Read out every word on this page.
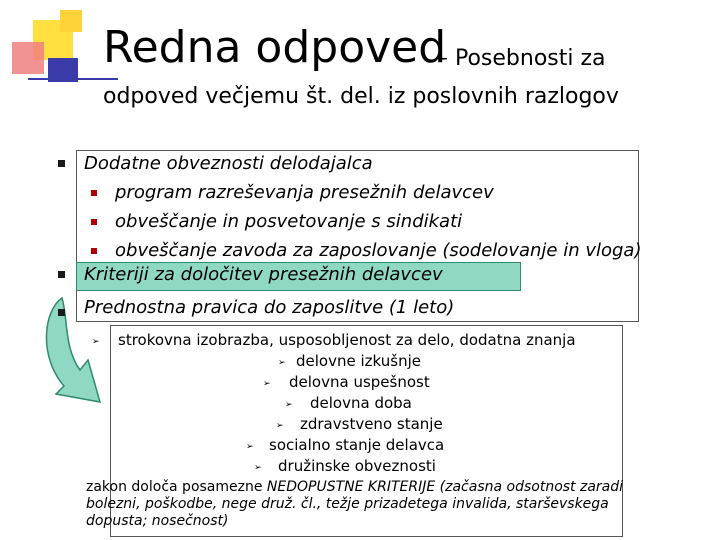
Redna odpoved
– Posebnosti za
odpoved večjemu št. del. iz poslovnih razlogov
Dodatne obveznosti delodajalca
Kriteriji za določitev presežnih delavcev
Prednostna pravica do zaposlitve (1 leto)
program razreševanja presežnih delavcev
obveščanje in posvetovanje s sindikati
obveščanje zavoda za zaposlovanje (sodelovanje in vloga)
➢ strokovna izobrazba, usposobljenost za delo, dodatna znanja
➢ delovne izkušnje
➢ delovna uspešnost
➢ delovna doba
➢ zdravstveno stanje
➢ socialno stanje delavca
➢ družinske obveznosti
zakon določa posamezne NEDOPUSTNE KRITERIJE (začasna odsotnost zaradi bolezni, poškodbe, nege druž. čl., težje prizadetega invalida, starševskega dopusta; nosečnost)
